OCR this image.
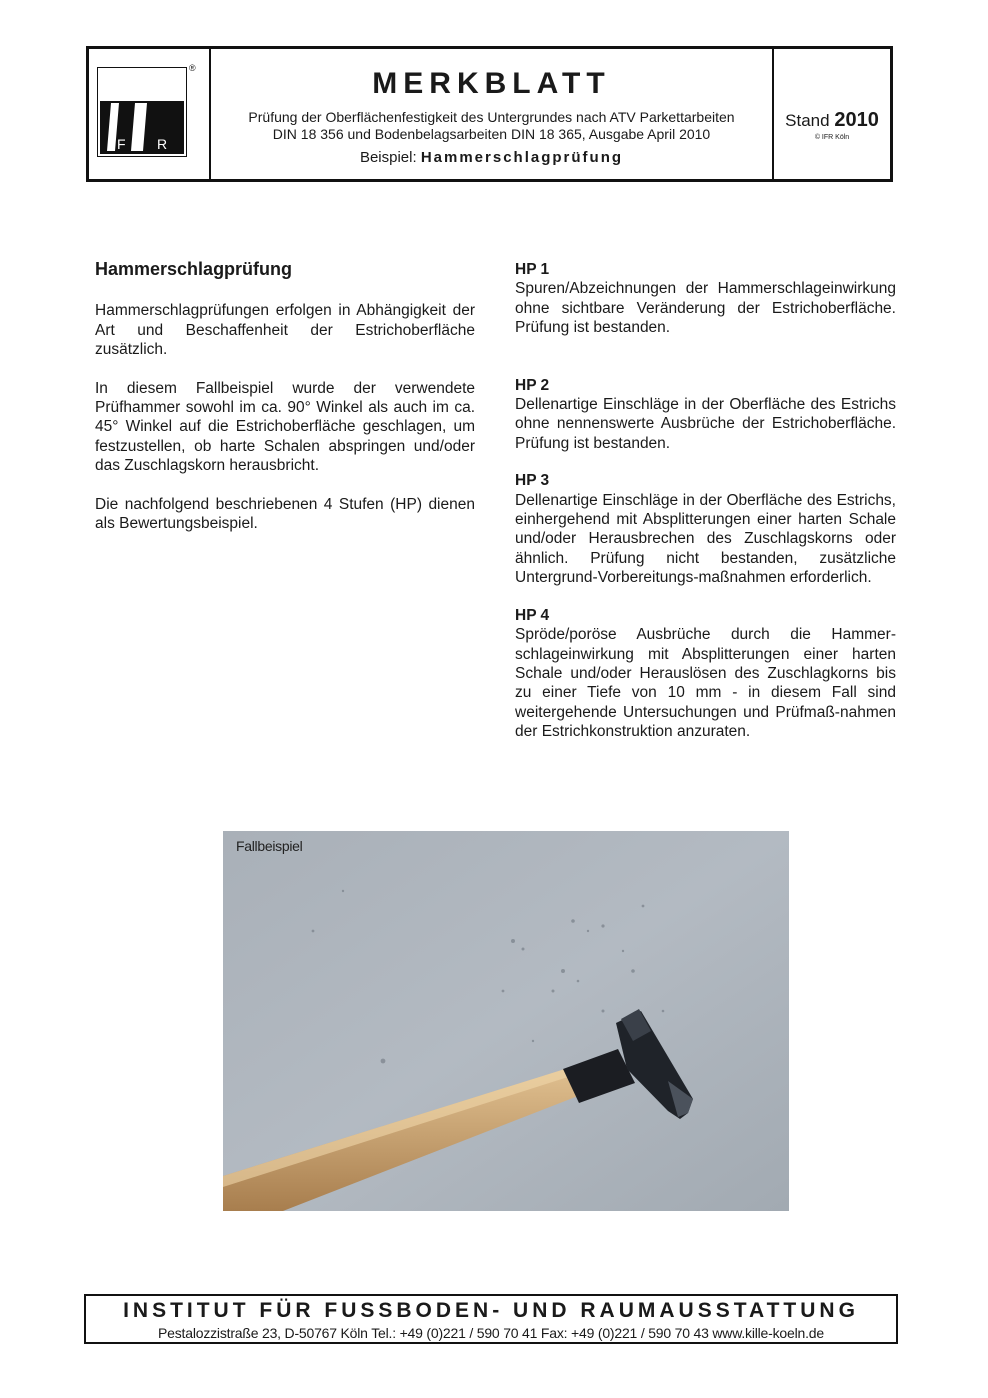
F R
®	MERKBLATT
Prüfung der Oberflächenfestigkeit des Untergrundes nach ATV Parkettarbeiten
DIN 18 356 und Bodenbelagsarbeiten DIN 18 365, Ausgabe April 2010
Beispiel: Hammerschlagprüfung
Stand 2010
© IFR Köln
Hammerschlagprüfung

Hammerschlagprüfungen erfolgen in Abhängigkeit der Art und Beschaffenheit der Estrichoberfläche zusätzlich.

In diesem Fallbeispiel wurde der verwendete Prüfhammer sowohl im ca. 90° Winkel als auch im ca. 45° Winkel auf die Estrichoberfläche geschlagen, um festzustellen, ob harte Schalen abspringen und/oder das Zuschlagskorn herausbricht.

Die nachfolgend beschriebenen 4 Stufen (HP) dienen als Bewertungsbeispiel.

HP 1

Spuren/Abzeichnungen der Hammerschlageinwirkung ohne sichtbare Veränderung der Estrichoberfläche. Prüfung ist bestanden.

HP 2

Dellenartige Einschläge in der Oberfläche des Estrichs ohne nennenswerte Ausbrüche der Estrichoberfläche. Prüfung ist bestanden.

HP 3

Dellenartige Einschläge in der Oberfläche des Estrichs, einhergehend mit Absplitterungen einer harten Schale und/oder Herausbrechen des Zuschlagskorns oder ähnlich. Prüfung nicht bestanden, zusätzliche Untergrund-Vorbereitungs-maßnahmen erforderlich.

HP 4

Spröde/poröse Ausbrüche durch die Hammer-schlageinwirkung mit Absplitterungen einer harten Schale und/oder Herauslösen des Zuschlagkorns bis zu einer Tiefe von 10 mm - in diesem Fall sind weitergehende Untersuchungen und Prüfmaß-nahmen der Estrichkonstruktion anzuraten.

Fallbeispiel
INSTITUT FÜR FUSSBODEN- UND RAUMAUSSTATTUNG
Pestalozzistraße 23, D-50767 Köln Tel.: +49 (0)221 / 590 70 41 Fax: +49 (0)221 / 590 70 43 www.kille-koeln.de
